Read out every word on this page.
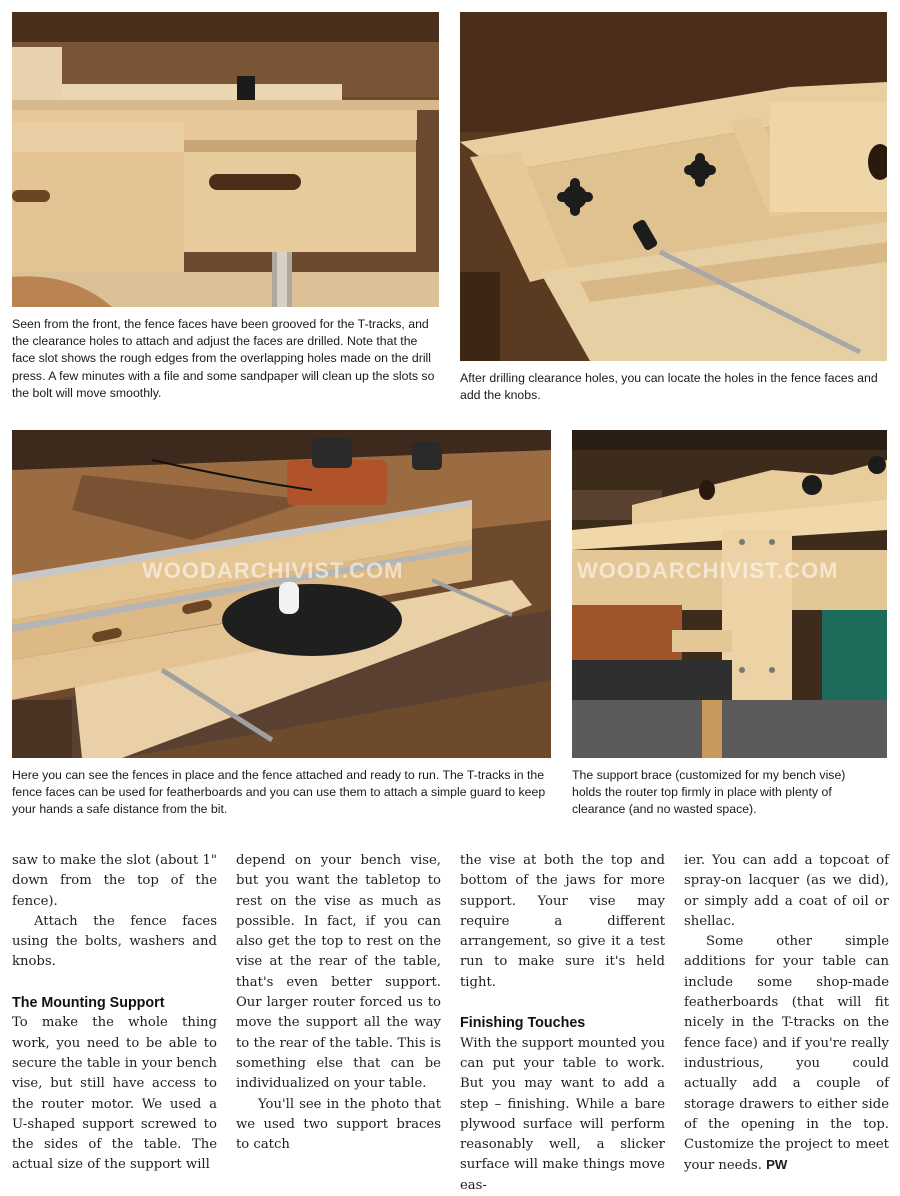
Seen from the front, the fence faces have been grooved for the T-tracks, and the clearance holes to attach and adjust the faces are drilled. Note that the face slot shows the rough edges from the overlapping holes made on the drill press. A few minutes with a file and some sandpaper will clean up the slots so the bolt will move smoothly.

After drilling clearance holes, you can locate the holes in the fence faces and add the knobs.

WOODARCHIVIST.COM

Here you can see the fences in place and the fence attached and ready to run. The T-tracks in the fence faces can be used for featherboards and you can use them to attach a simple guard to keep your hands a safe distance from the bit.

WOODARCHIVIST.COM

The support brace (customized for my bench vise) holds the router top firmly in place with plenty of clearance (and no wasted space).

saw to make the slot (about 1" down from the top of the fence).

Attach the fence faces using the bolts, washers and knobs.

The Mounting Support

To make the whole thing work, you need to be able to secure the table in your bench vise, but still have access to the router motor. We used a U-shaped support screwed to the sides of the table. The actual size of the support will

depend on your bench vise, but you want the tabletop to rest on the vise as much as possible. In fact, if you can also get the top to rest on the vise at the rear of the table, that's even better support. Our larger router forced us to move the support all the way to the rear of the table. This is something else that can be individualized on your table.

You'll see in the photo that we used two support braces to catch

the vise at both the top and bottom of the jaws for more support. Your vise may require a different arrangement, so give it a test run to make sure it's held tight.

Finishing Touches

With the support mounted you can put your table to work. But you may want to add a step – finishing. While a bare plywood surface will perform reasonably well, a slicker surface will make things move eas-

ier. You can add a topcoat of spray-on lacquer (as we did), or simply add a coat of oil or shellac.

Some other simple additions for your table can include some shop-made featherboards (that will fit nicely in the T-tracks on the fence face) and if you're really industrious, you could actually add a couple of storage drawers to either side of the opening in the top. Customize the project to meet your needs. PW
